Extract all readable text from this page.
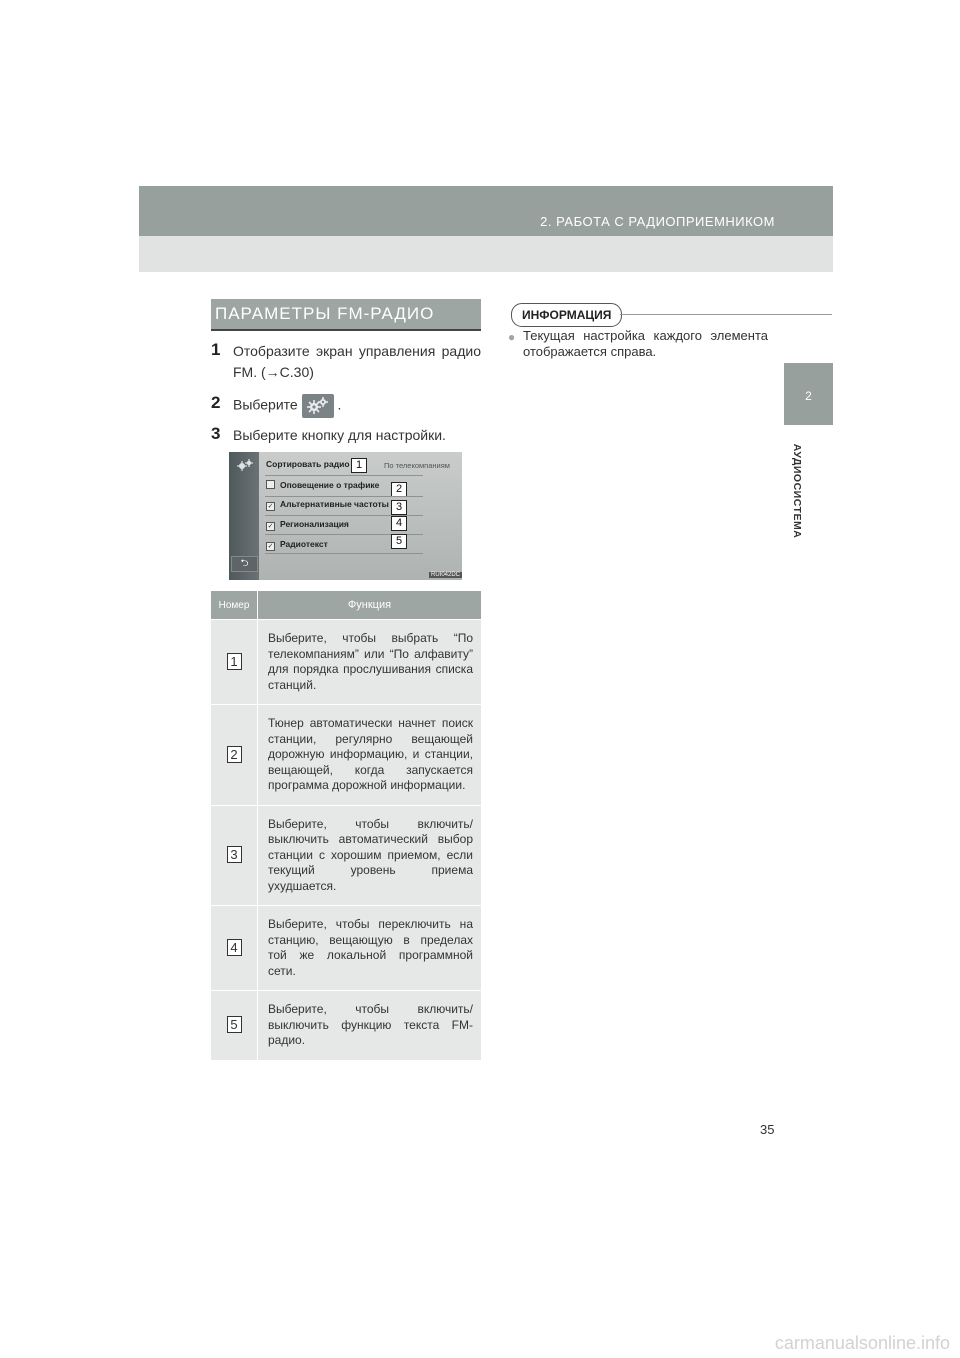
2. РАБОТА С РАДИОПРИЕМНИКОМ
2
АУДИОСИСТЕМА
ПАРАМЕТРЫ FM-РАДИО
1 Отобразите экран управления радио FM. (→С.30)
2 Выберите	.
3 Выберите кнопку для настройки.
Сортировать радио 1	По телекомпаниям
Оповещение о трафике	2
✓ Альтернативные частоты 3
✓ Регионализация	4
✓ Радиотекст	5
⮌
RUI042DC
Номер	Функция
1	Выберите, чтобы выбрать “По телекомпаниям” или “По алфавиту” для порядка прослушивания списка станций.
2	Тюнер автоматически начнет поиск станции, регулярно вещающей дорожную информацию, и станции, вещающей, когда запускается программа дорожной информации.
3	Выберите, чтобы включить/выключить автоматический выбор станции с хорошим приемом, если текущий уровень приема ухудшается.
4	Выберите, чтобы переключить на станцию, вещающую в пределах той же локальной программной сети.
5	Выберите, чтобы включить/выключить функцию текста FM-радио.
ИНФОРМАЦИЯ
● Текущая настройка каждого элемента отображается справа.
35
carmanualsonline.info
